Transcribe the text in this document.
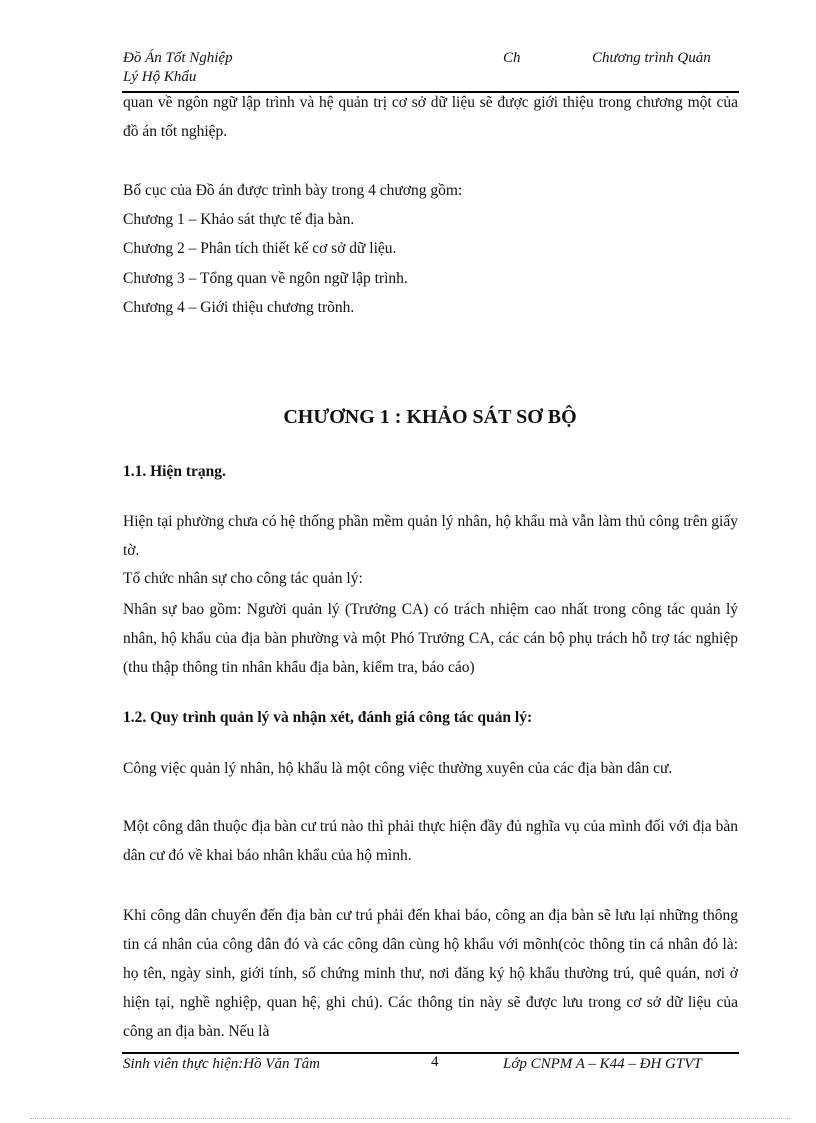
Đồ Án Tốt Nghiệp
Lý Hộ Khẩu
Ch	Chương trình Quản
quan về ngôn ngữ lập trình và hệ quản trị cơ sở dữ liệu sẽ được giới thiệu trong chương một của đồ án tốt nghiệp.
Bố cục của Đồ án được trình bày trong 4 chương gồm:
Chương 1 – Khảo sát thực tế địa bàn.
Chương 2 – Phân tích thiết kế cơ sở dữ liệu.
Chương 3 – Tổng quan về ngôn ngữ lập trình.
Chương 4 – Giới thiệu chương trõnh.
CHƯƠNG 1 : KHẢO SÁT SƠ BỘ
1.1. Hiện trạng.
Hiện tại phường chưa có hệ thống phần mềm quản lý nhân, hộ khẩu mà vẫn làm thủ công trên giấy tờ.
Tổ chức nhân sự cho công tác quản lý:
Nhân sự bao gồm: Người quản lý (Trưởng CA) có trách nhiệm cao nhất trong công tác quản lý nhân, hộ khẩu của địa bàn phường và một Phó Trưởng CA, các cán bộ phụ trách hỗ trợ tác nghiệp (thu thập thông tin nhân khẩu địa bàn, kiểm tra, báo cáo)
1.2. Quy trình quản lý và nhận xét, đánh giá công tác quản lý:
Công việc quản lý nhân, hộ khẩu là một công việc thường xuyên của các địa bàn dân cư.
Một công dân thuộc địa bàn cư trú nào thì phải thực hiện đầy đủ nghĩa vụ của mình đối với địa bàn dân cư đó về khai báo nhân khẩu của hộ mình.
Khi công dân chuyển đến địa bàn cư trú phải đến khai báo, công an địa bàn sẽ lưu lại những thông tin cá nhân của công dân đó và các công dân cùng hộ khẩu với mõnh(cỏc thông tin cá nhân đó là: họ tên, ngày sinh, giới tính, số chứng minh thư, nơi đăng ký hộ khẩu thường trú, quê quán, nơi ở hiện tại, nghề nghiệp, quan hệ, ghi chú). Các thông tin này sẽ được lưu trong cơ sở dữ liệu của công an địa bàn. Nếu là
Sinh viên thực hiện:Hồ Văn Tâm	4	Lớp CNPM A – K44 – ĐH GTVT
